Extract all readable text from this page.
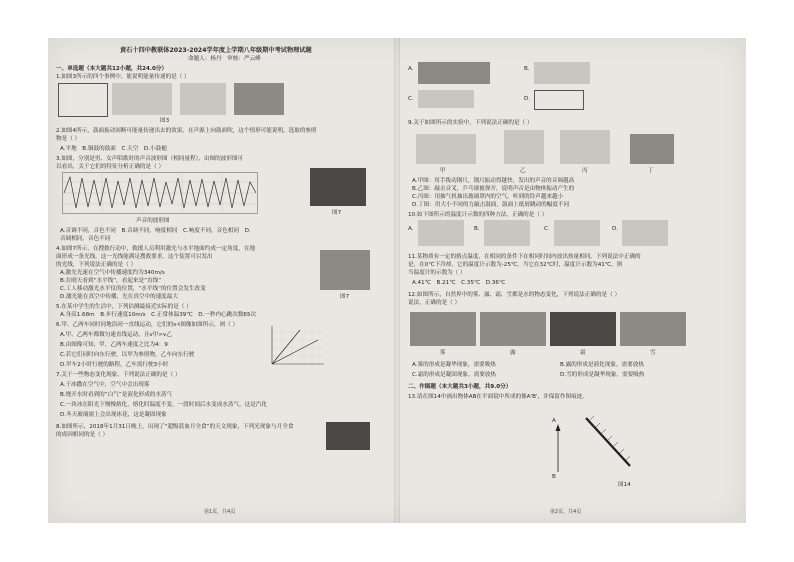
黄石十四中教联体2023-2024学年度上学期八年级期中考试物理试题
命题人：杨丹　审核：严云峰
一、单选题（本大题共12小题，共24.0分）
1.如图3所示的四个事例中，能说明能量传递的是（ ）
图3
2.如图4所示，鼓面振动间断可能量传递出去的效果，在声源上向鼓面吹，这个情形可能说明，选取的参照
物是（ ）
A.平地　B.铜鼓的鼓面　C.天空　D.小鼓槌
3.如图，分别是男、女声唱歌时的声音波形图（相同量程），由图的波形图可
图7
以看出，关于它们的特征分析正确的是（ ）
声音的波形图
A.音调不同，音色不同　B.音调不同，响度相同　C.响度不同，音色相同　D.
音调相同，音色不同
4.如图7所示，在搜救行动中，救援人员利用激光与水平地面约成一定角度，在地
面形成一条光线，这一光线能满足搜救要求，这个装置可以发出
的光线，下列说法正确的是（ ）
图7
A.激光光速在空气中传播速度约为340m/s
B.在晴天看到“水平线”，看起来是“直线”
C.工人移动激光水平仪的位置，“水平线”的位置会发生改变
D.激光能在真空中传播，光在真空中的速度最大
5.在某中学生的生活中，下列估测最接近实际的是（ ）
A.身高1.68m　B.步行速度10m/s　C.正常体温39℃　D.一秒内心跳次数65次
6.甲、乙两车同时同地沿同一直线运动，它们的s-t图像如图所示，则（ ）
A.甲、乙两车都做匀速直线运动，且v甲>v乙
B.由图像可知，甲、乙两车速度之比为4：9
C.若它们同时向东行驶，以甲为参照物，乙车向东行驶
D.甲车2小时行驶的路程，乙车需行驶3小时
7.关于一些物态变化现象，下列说法正确的是（ ）
A.干冰撒在空气中，空气中会出现雾
B.烧开水时看到的“白气”是液化形成的水蒸气
C.一块冰在阳光下慢慢熔化，熔化时温度不变，一段时间后水变成水蒸气，这是汽化
D.冬天玻璃窗上会出现冰花，这是凝固现象
8.如图所示，2018年1月31日晚上，出现了“超级蓝血月全食”的天文现象，下列光现象与月全食
的成因相同的是（ ）
第1页，共4页
A.	B.
C.	D.
9.关于如图所示的实验中，下列说法正确的是（ ）
甲	乙	丙	丁
A.甲图：用手拨动钢尺，钢尺振动得越快，发出的声音的音调越高
B.乙图：敲击音叉，乒乓球被弹开，说明声音是由物体振动产生的
C.丙图：用抽气机抽出玻璃罩内的空气，听到的铃声越来越小
D.丁图：用大小不同的力敲击鼓面，鼓面上纸屑跳动的幅度不同
10.如下图所示的温度计示数的四种方法，正确的是（ ）
A.	B.	C.	D.
11.某物质有一定的熔点温度，在相同的条件下在相同时间内放出热量相同，下列说法中正确的
是，在0℃下冷却，它的温度计示数为-25℃。当它在32℃时，温度计示数为41℃，则
当温度计的示数为（ ）
A.41℃　B.21℃　C.35℃　D.36℃
12.如图所示，自然界中的雾、露、霜、雪都是水的物态变化，下列说法正确的是（ ）
说法，正确的是（ ）
雾	露	霜	雪
A.雾的形成是凝华现象，需要吸热	B.露的形成是液化现象，需要放热
C.霜的形成是凝固现象，需要放热	D.雪的形成是凝华现象，需要吸热
二、作图题（本大题共3小题，共9.0分）
13.请在图14中画出物体AB在平面镜中所成的像A'B'，并保留作图痕迹。
A
B
图14
第2页，共4页
